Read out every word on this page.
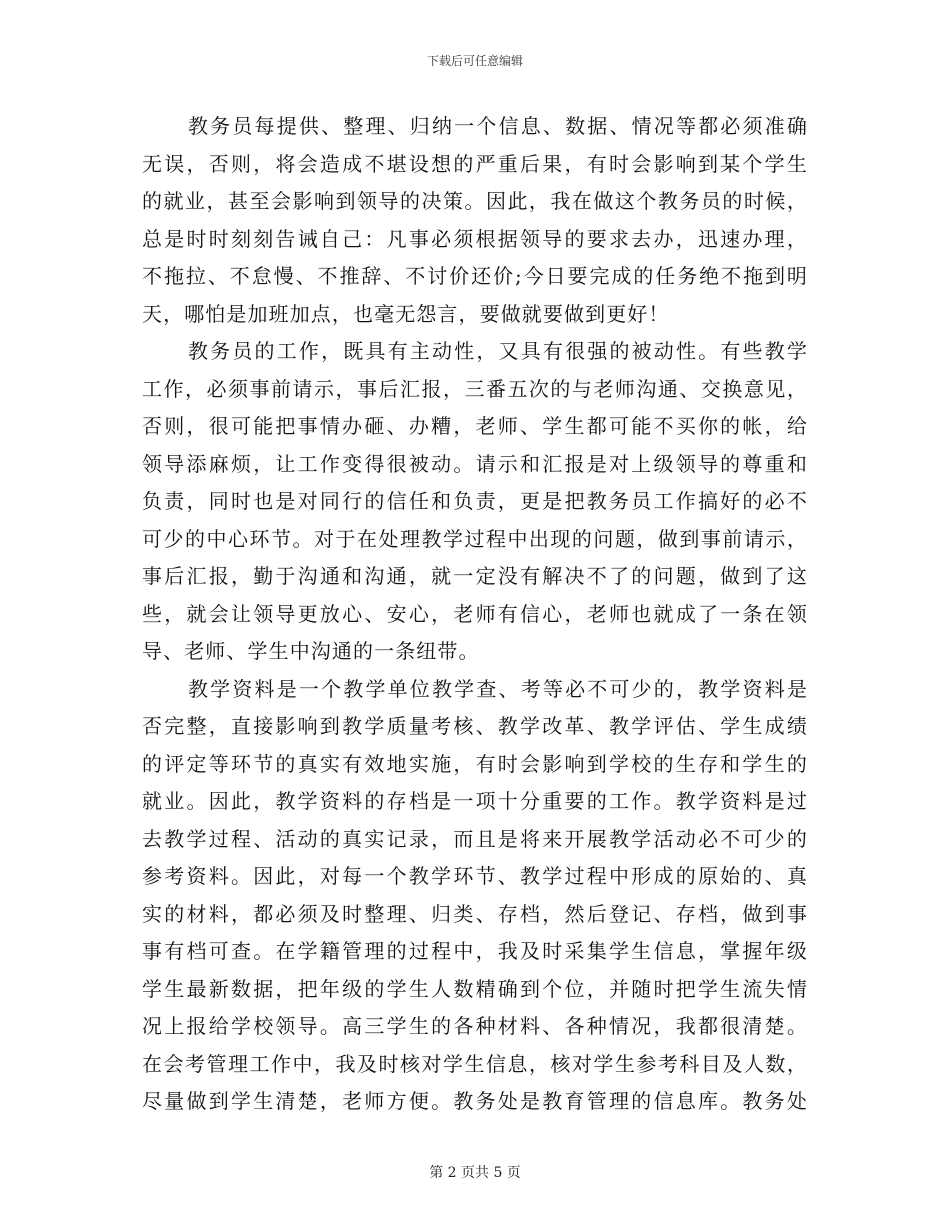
下载后可任意编辑
教务员每提供、整理、归纳一个信息、数据、情况等都必须准确
无误，否则，将会造成不堪设想的严重后果，有时会影响到某个学生
的就业，甚至会影响到领导的决策。因此，我在做这个教务员的时候，
总是时时刻刻告诫自己：凡事必须根据领导的要求去办，迅速办理，
不拖拉、不怠慢、不推辞、不讨价还价;今日要完成的任务绝不拖到明
天，哪怕是加班加点，也毫无怨言，要做就要做到更好！
教务员的工作，既具有主动性，又具有很强的被动性。有些教学
工作，必须事前请示，事后汇报，三番五次的与老师沟通、交换意见，
否则，很可能把事情办砸、办糟，老师、学生都可能不买你的帐，给
领导添麻烦，让工作变得很被动。请示和汇报是对上级领导的尊重和
负责，同时也是对同行的信任和负责，更是把教务员工作搞好的必不
可少的中心环节。对于在处理教学过程中出现的问题，做到事前请示，
事后汇报，勤于沟通和沟通，就一定没有解决不了的问题，做到了这
些，就会让领导更放心、安心，老师有信心，老师也就成了一条在领
导、老师、学生中沟通的一条纽带。
教学资料是一个教学单位教学查、考等必不可少的，教学资料是
否完整，直接影响到教学质量考核、教学改革、教学评估、学生成绩
的评定等环节的真实有效地实施，有时会影响到学校的生存和学生的
就业。因此，教学资料的存档是一项十分重要的工作。教学资料是过
去教学过程、活动的真实记录，而且是将来开展教学活动必不可少的
参考资料。因此，对每一个教学环节、教学过程中形成的原始的、真
实的材料，都必须及时整理、归类、存档，然后登记、存档，做到事
事有档可查。在学籍管理的过程中，我及时采集学生信息，掌握年级
学生最新数据，把年级的学生人数精确到个位，并随时把学生流失情
况上报给学校领导。高三学生的各种材料、各种情况，我都很清楚。
在会考管理工作中，我及时核对学生信息，核对学生参考科目及人数，
尽量做到学生清楚，老师方便。教务处是教育管理的信息库。教务处
第 2 页共 5 页
